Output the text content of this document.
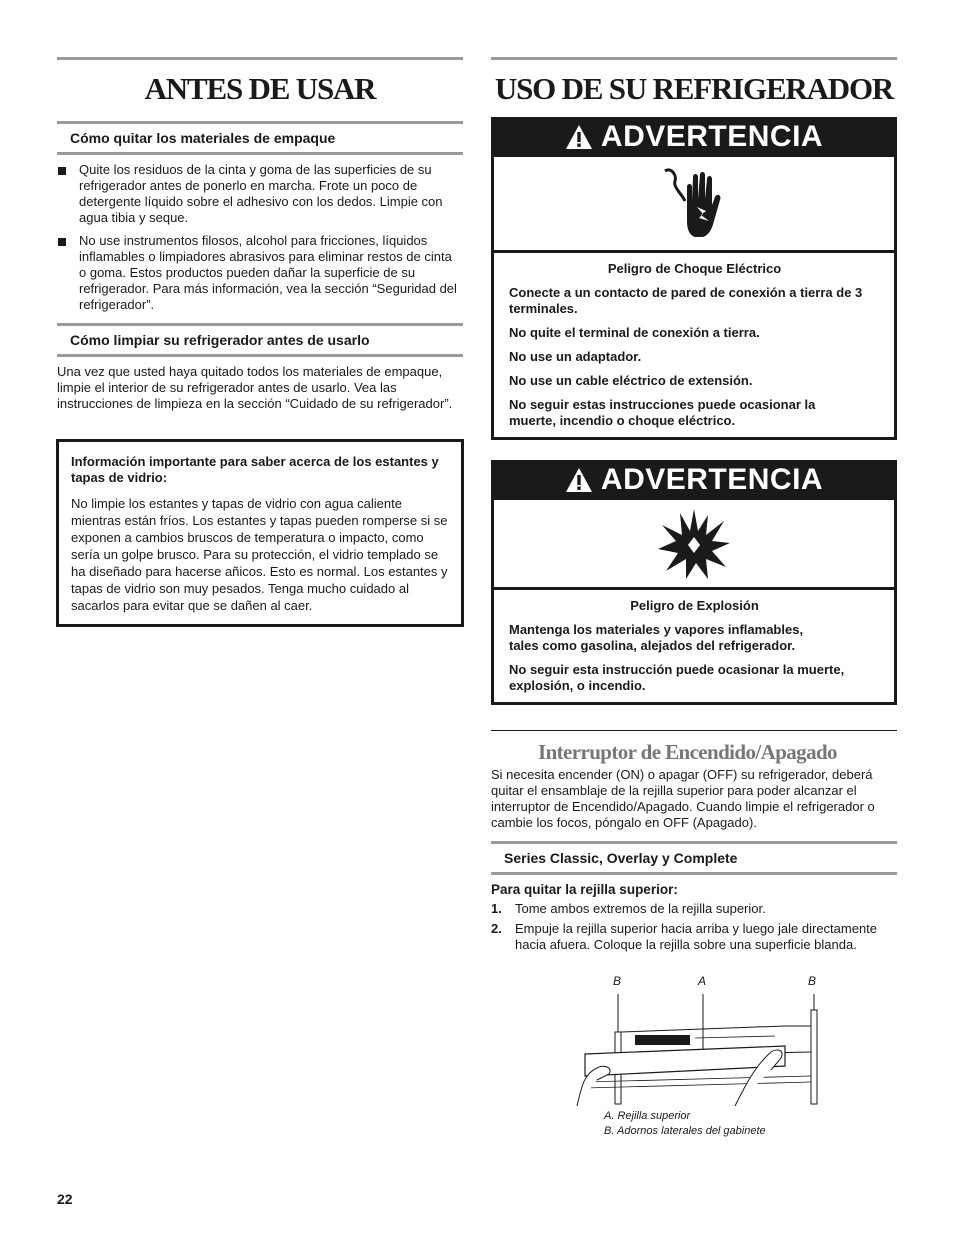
ANTES DE USAR
Cómo quitar los materiales de empaque
Quite los residuos de la cinta y goma de las superficies de su refrigerador antes de ponerlo en marcha. Frote un poco de detergente líquido sobre el adhesivo con los dedos. Limpie con agua tibia y seque.
No use instrumentos filosos, alcohol para fricciones, líquidos inflamables o limpiadores abrasivos para eliminar restos de cinta o goma. Estos productos pueden dañar la superficie de su refrigerador. Para más información, vea la sección “Seguridad del refrigerador”.
Cómo limpiar su refrigerador antes de usarlo
Una vez que usted haya quitado todos los materiales de empaque, limpie el interior de su refrigerador antes de usarlo. Vea las instrucciones de limpieza en la sección “Cuidado de su refrigerador”.
Información importante para saber acerca de los estantes y tapas de vidrio:
No limpie los estantes y tapas de vidrio con agua caliente mientras están fríos. Los estantes y tapas pueden romperse si se exponen a cambios bruscos de temperatura o impacto, como sería un golpe brusco. Para su protección, el vidrio templado se ha diseñado para hacerse añicos. Esto es normal. Los estantes y tapas de vidrio son muy pesados. Tenga mucho cuidado al sacarlos para evitar que se dañen al caer.
USO DE SU REFRIGERADOR
ADVERTENCIA

Peligro de Choque Eléctrico

Conecte a un contacto de pared de conexión a tierra de 3 terminales.

No quite el terminal de conexión a tierra.

No use un adaptador.

No use un cable eléctrico de extensión.

No seguir estas instrucciones puede ocasionar la muerte, incendio o choque eléctrico.

ADVERTENCIA

Peligro de Explosión

Mantenga los materiales y vapores inflamables, tales como gasolina, alejados del refrigerador.

No seguir esta instrucción puede ocasionar la muerte, explosión, o incendio.

Interruptor de Encendido/Apagado
Si necesita encender (ON) o apagar (OFF) su refrigerador, deberá quitar el ensamblaje de la rejilla superior para poder alcanzar el interruptor de Encendido/Apagado. Cuando limpie el refrigerador o cambie los focos, póngalo en OFF (Apagado).
Series Classic, Overlay y Complete
Para quitar la rejilla superior:
1. Tome ambos extremos de la rejilla superior.
2. Empuje la rejilla superior hacia arriba y luego jale directamente hacia afuera. Coloque la rejilla sobre una superficie blanda.
B	A	B
A. Rejilla superior
B. Adornos laterales del gabinete
22
